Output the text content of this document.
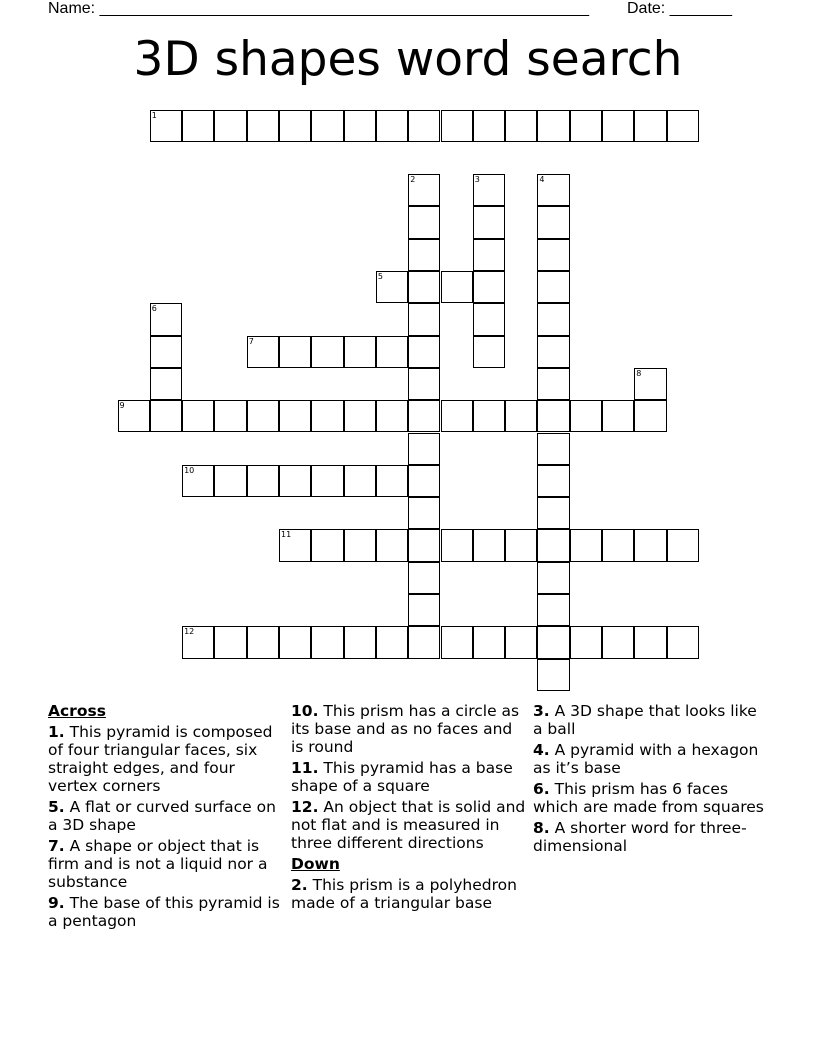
Name: _______________________________________________________ Date: _______
3D shapes word search
1
2	3	4
5
6
7
8
9
10
11
12
Across
1. This pyramid is composed of four triangular faces, six straight edges, and four vertex corners
5. A flat or curved surface on a 3D shape
7. A shape or object that is firm and is not a liquid nor a substance
9. The base of this pyramid is a pentagon
10. This prism has a circle as its base and as no faces and is round
11. This pyramid has a base shape of a square
12. An object that is solid and not flat and is measured in three different directions
Down
2. This prism is a polyhedron made of a triangular base
3. A 3D shape that looks like a ball
4. A pyramid with a hexagon as it’s base
6. This prism has 6 faces which are made from squares
8. A shorter word for three-dimensional
